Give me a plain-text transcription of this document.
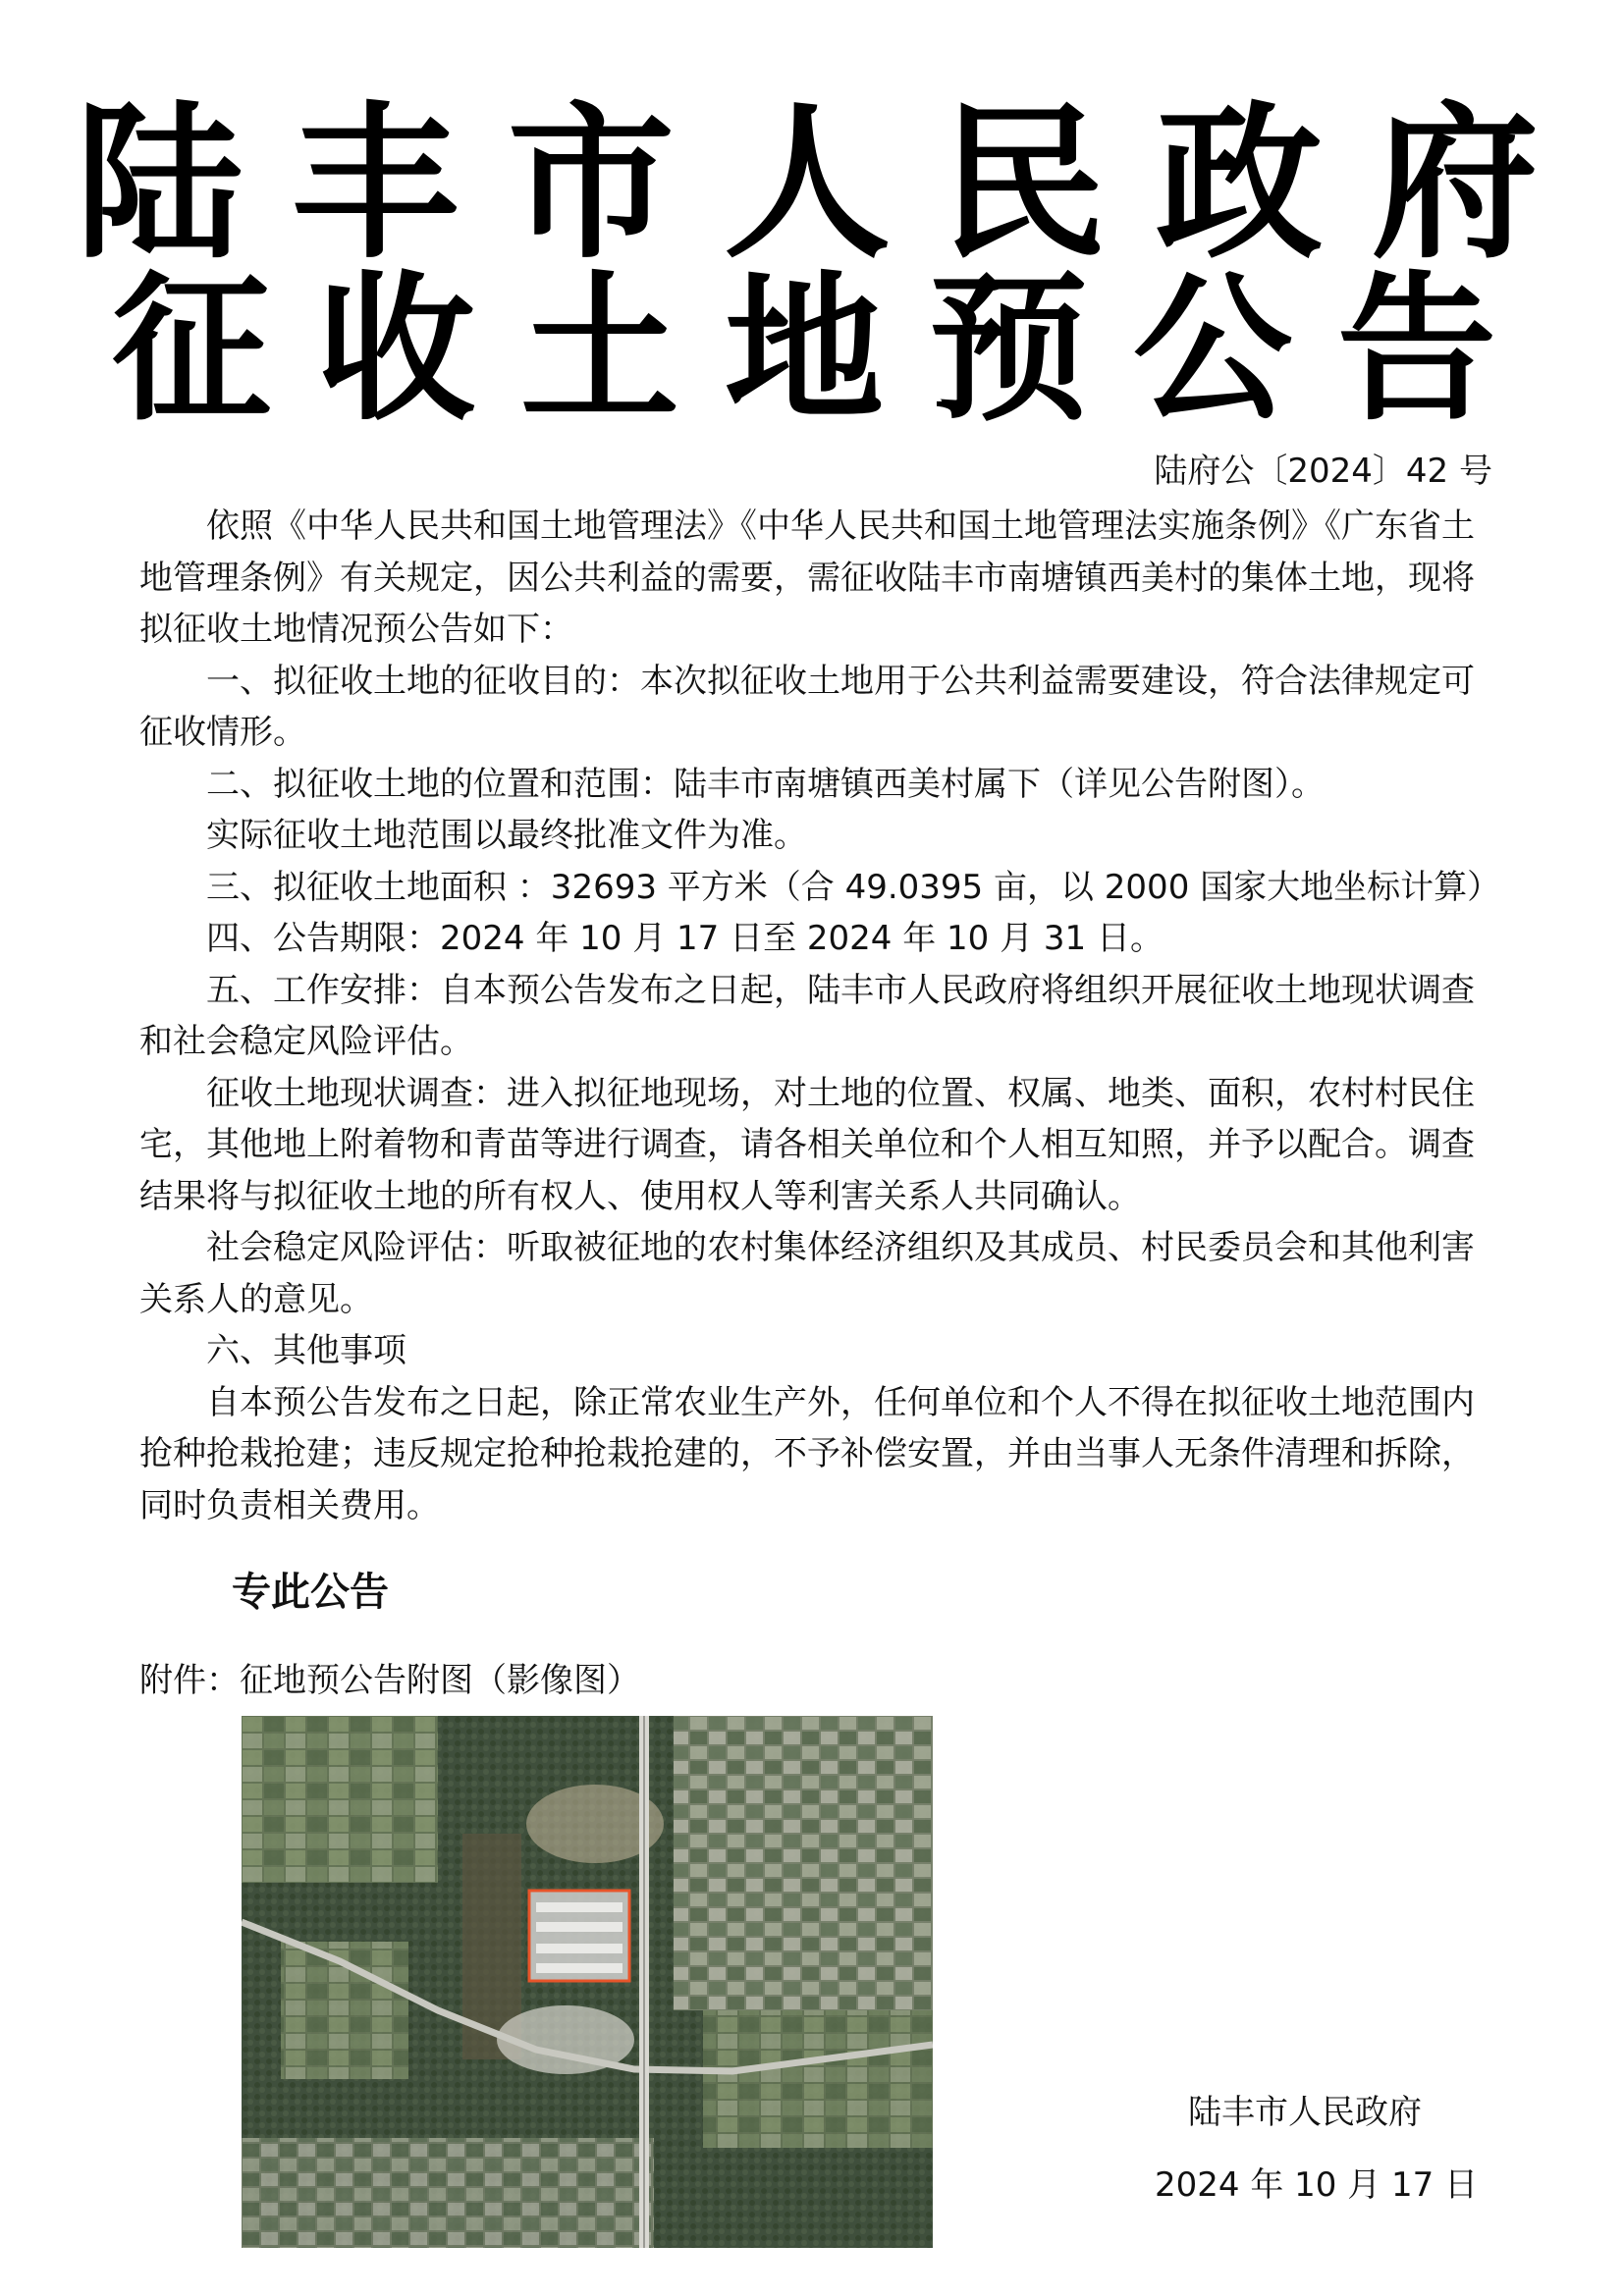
陆丰市人民政府
征收土地预公告
陆府公〔2024〕42 号

依照《中华人民共和国土地管理法》《中华人民共和国土地管理法实施条例》《广东省土地管理条例》有关规定，因公共利益的需要，需征收陆丰市南塘镇西美村的集体土地，现将拟征收土地情况预公告如下：

一、拟征收土地的征收目的：本次拟征收土地用于公共利益需要建设，符合法律规定可征收情形。

二、拟征收土地的位置和范围：陆丰市南塘镇西美村属下（详见公告附图）。

实际征收土地范围以最终批准文件为准。

三、拟征收土地面积 ：32693 平方米（合 49.0395 亩，以 2000 国家大地坐标计算）

四、公告期限：2024 年 10 月 17 日至 2024 年 10 月 31 日。

五、工作安排：自本预公告发布之日起，陆丰市人民政府将组织开展征收土地现状调查和社会稳定风险评估。

征收土地现状调查：进入拟征地现场，对土地的位置、权属、地类、面积，农村村民住宅，其他地上附着物和青苗等进行调查，请各相关单位和个人相互知照，并予以配合。调查结果将与拟征收土地的所有权人、使用权人等利害关系人共同确认。

社会稳定风险评估：听取被征地的农村集体经济组织及其成员、村民委员会和其他利害关系人的意见。

六、其他事项

自本预公告发布之日起，除正常农业生产外，任何单位和个人不得在拟征收土地范围内抢种抢栽抢建；违反规定抢种抢栽抢建的，不予补偿安置，并由当事人无条件清理和拆除，同时负责相关费用。

专此公告
附件：征地预公告附图（影像图）
陆丰市人民政府
2024 年 10 月 17 日
